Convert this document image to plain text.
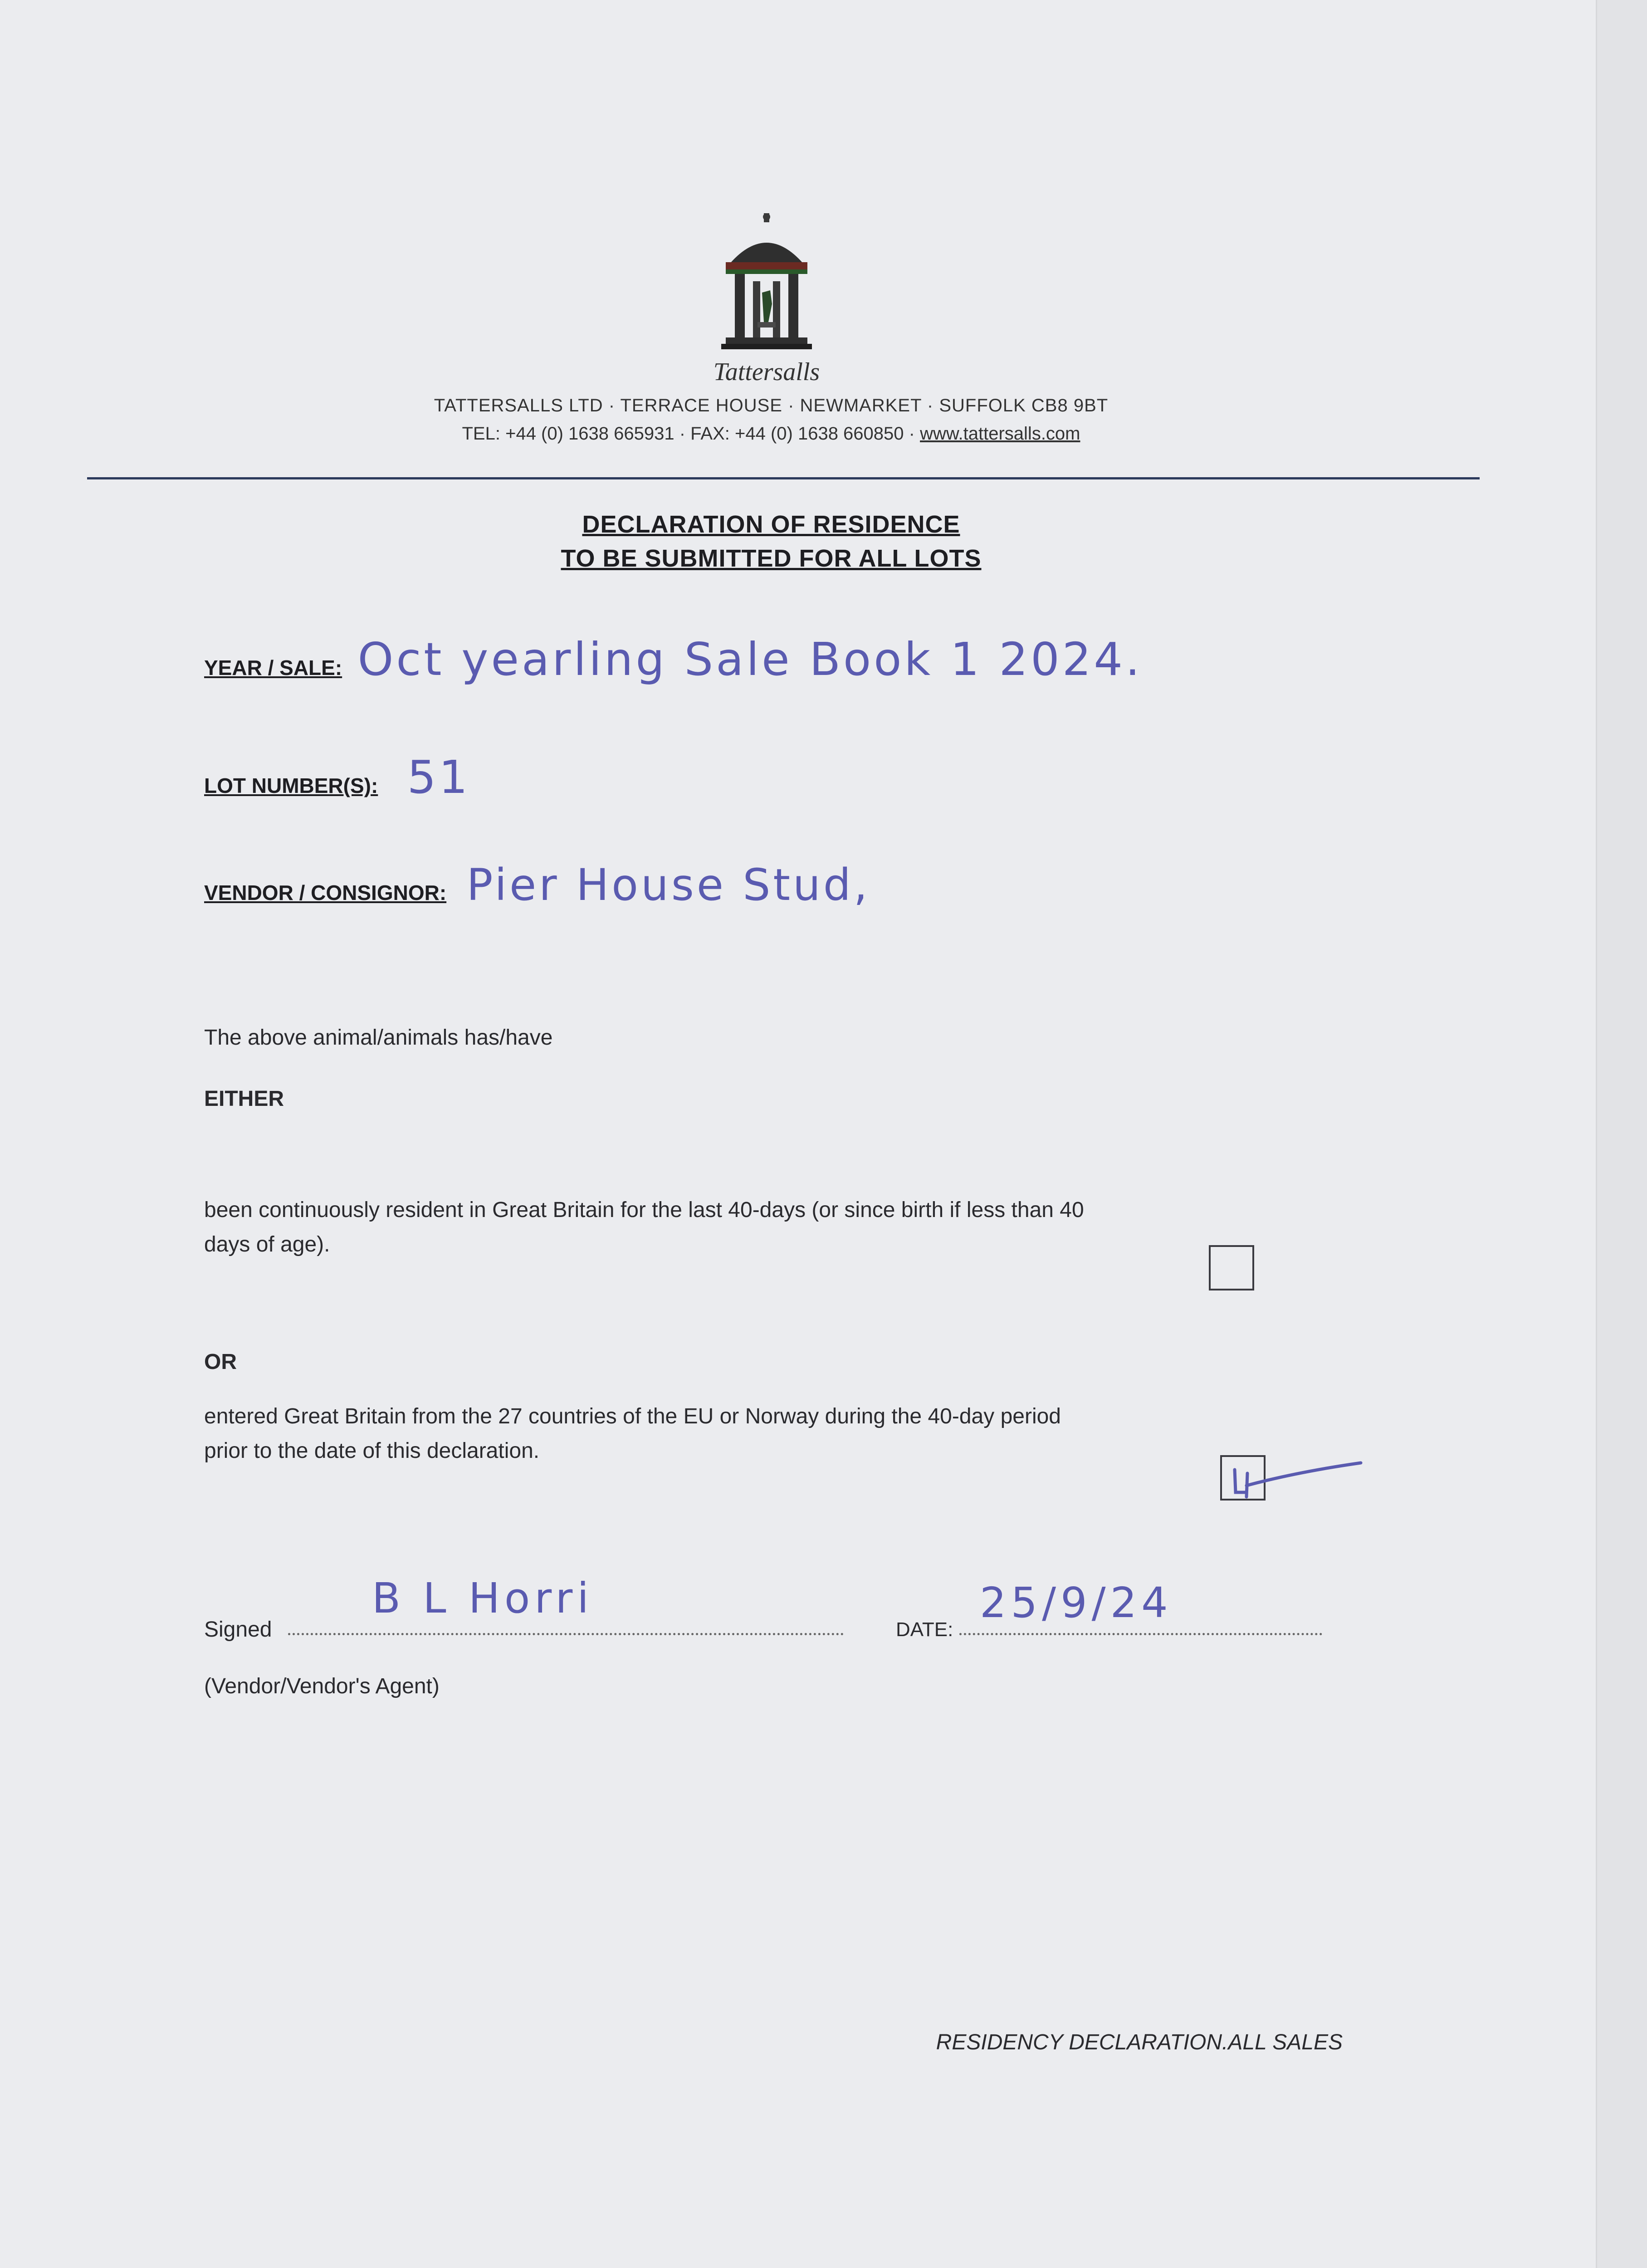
Tattersalls
TATTERSALLS LTD · TERRACE HOUSE · NEWMARKET · SUFFOLK CB8 9BT
TEL: +44 (0) 1638 665931 · FAX: +44 (0) 1638 660850 · www.tattersalls.com
DECLARATION OF RESIDENCE
TO BE SUBMITTED FOR ALL LOTS
YEAR / SALE: Oct yearling Sale Book 1 2024.
LOT NUMBER(S): 51
VENDOR / CONSIGNOR: Pier House Stud,
The above animal/animals has/have
EITHER
been continuously resident in Great Britain for the last 40-days (or since birth if less than 40
days of age).
OR
entered Great Britain from the 27 countries of the EU or Norway during the 40-day period
prior to the date of this declaration.
Signed
B L Horri
DATE:
25/9/24
(Vendor/Vendor's Agent)
RESIDENCY DECLARATION.ALL SALES
